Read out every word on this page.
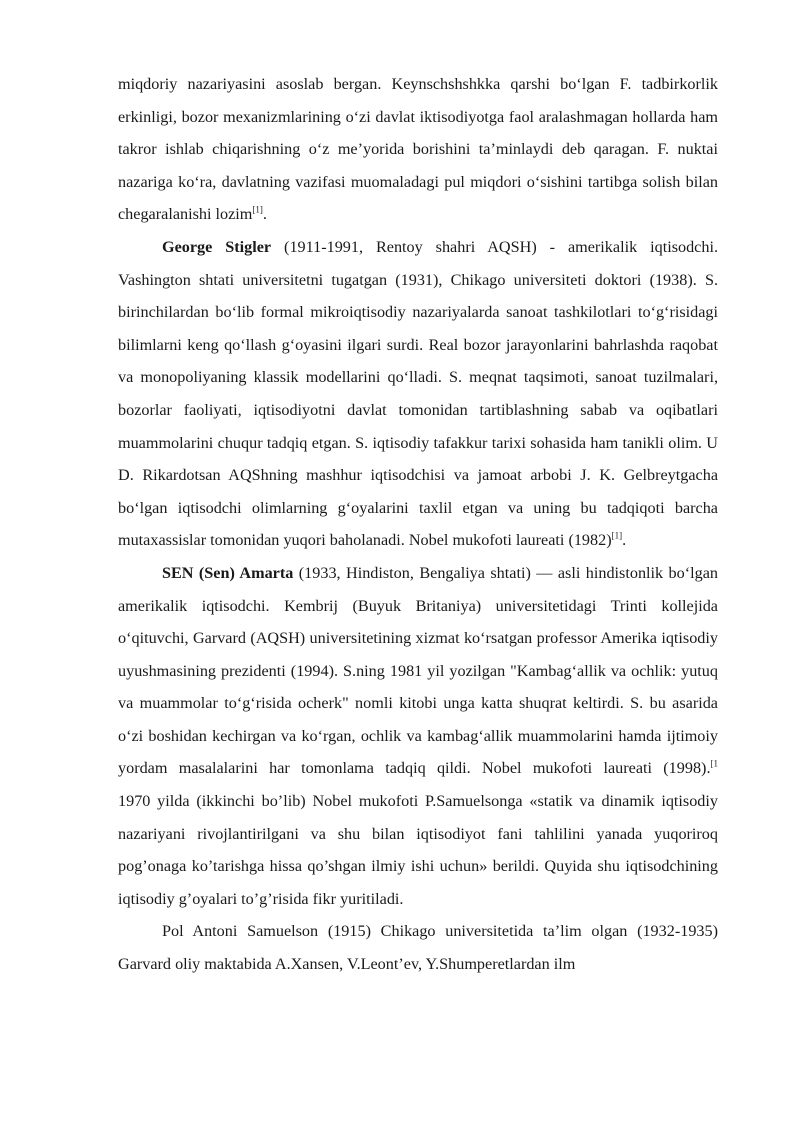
miqdoriy nazariyasini asoslab bergan. Keynschshshkka qarshi bo‘lgan F. tadbirkorlik erkinligi, bozor mexanizmlarining o‘zi davlat iktisodiyotga faol aralashmagan hollarda ham takror ishlab chiqarishning o‘z me’yorida borishini ta’minlaydi deb qaragan. F. nuktai nazariga ko‘ra, davlatning vazifasi muomaladagi pul miqdori o‘sishini tartibga solish bilan chegaralanishi lozim[1].

George Stigler (1911-1991, Rentoy shahri AQSH) - amerikalik iqtisodchi. Vashington shtati universitetni tugatgan (1931), Chikago universiteti doktori (1938). S. birinchilardan bo‘lib formal mikroiqtisodiy nazariyalarda sanoat tashkilotlari to‘g‘risidagi bilimlarni keng qo‘llash g‘oyasini ilgari surdi. Real bozor jarayonlarini bahrlashda raqobat va monopoliyaning klassik modellarini qo‘lladi. S. meqnat taqsimoti, sanoat tuzilmalari, bozorlar faoliyati, iqtisodiyotni davlat tomonidan tartiblashning sabab va oqibatlari muammolarini chuqur tadqiq etgan. S. iqtisodiy tafakkur tarixi sohasida ham tanikli olim. U D. Rikardotsan AQShning mashhur iqtisodchisi va jamoat arbobi J. K. Gelbreytgacha bo‘lgan iqtisodchi olimlarning g‘oyalarini taxlil etgan va uning bu tadqiqoti barcha mutaxassislar tomonidan yuqori baholanadi. Nobel mukofoti laureati (1982)[1].

SEN (Sen) Amarta (1933, Hindiston, Bengaliya shtati) — asli hindistonlik bo‘lgan amerikalik iqtisodchi. Kembrij (Buyuk Britaniya) universitetidagi Trinti kollejida o‘qituvchi, Garvard (AQSH) universitetining xizmat ko‘rsatgan professor Amerika iqtisodiy uyushmasining prezidenti (1994). S.ning 1981 yil yozilgan "Kambag‘allik va ochlik: yutuq va muammolar to‘g‘risida ocherk" nomli kitobi unga katta shuqrat keltirdi. S. bu asarida o‘zi boshidan kechirgan va ko‘rgan, ochlik va kambag‘allik muammolarini hamda ijtimoiy yordam masalalarini har tomonlama tadqiq qildi. Nobel mukofoti laureati (1998).$^{[1}$

1970 yilda (ikkinchi bo’lib) Nobel mukofoti P.Samuelsonga «statik va dinamik iqtisodiy nazariyani rivojlantirilgani va shu bilan iqtisodiyot fani tahlilini yanada yuqoriroq pog’onaga ko’tarishga hissa qo’shgan ilmiy ishi uchun» berildi. Quyida shu iqtisodchining iqtisodiy g’oyalari to’g’risida fikr yuritiladi.

Pol Antoni Samuelson (1915) Chikago universitetida ta’lim olgan (1932-1935) Garvard oliy maktabida A.Xansen, V.Leont’ev, Y.Shumperetlardan ilm
